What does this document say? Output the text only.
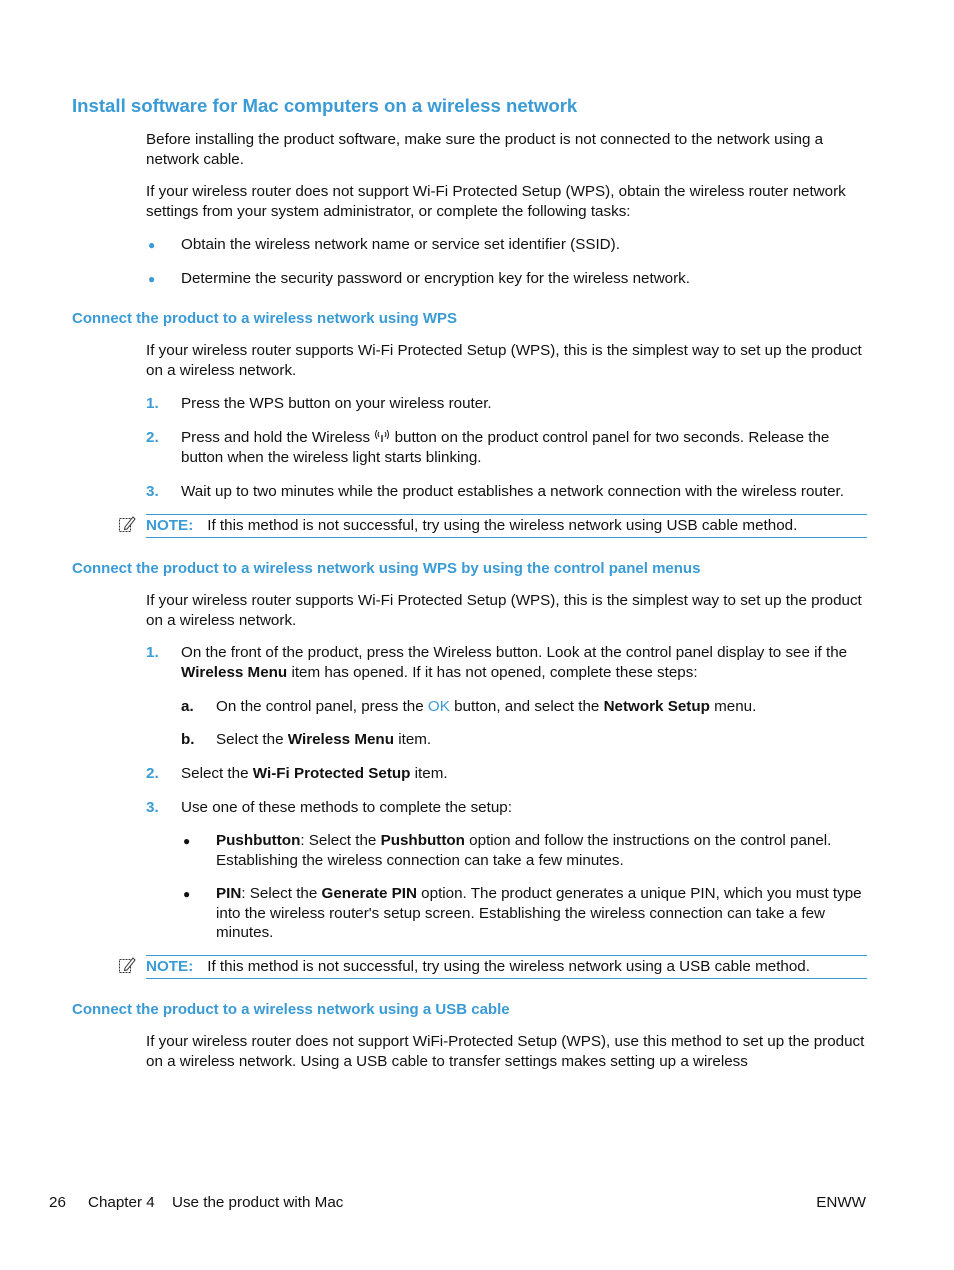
Install software for Mac computers on a wireless network
Before installing the product software, make sure the product is not connected to the network using a network cable.
If your wireless router does not support Wi-Fi Protected Setup (WPS), obtain the wireless router network settings from your system administrator, or complete the following tasks:
● Obtain the wireless network name or service set identifier (SSID).
● Determine the security password or encryption key for the wireless network.
Connect the product to a wireless network using WPS
If your wireless router supports Wi-Fi Protected Setup (WPS), this is the simplest way to set up the product on a wireless network.
1. Press the WPS button on your wireless router.
2. Press and hold the Wireless button on the product control panel for two seconds. Release the button when the wireless light starts blinking.
3. Wait up to two minutes while the product establishes a network connection with the wireless router.
NOTE: If this method is not successful, try using the wireless network using USB cable method.
Connect the product to a wireless network using WPS by using the control panel menus
If your wireless router supports Wi-Fi Protected Setup (WPS), this is the simplest way to set up the product on a wireless network.
1. On the front of the product, press the Wireless button. Look at the control panel display to see if the Wireless Menu item has opened. If it has not opened, complete these steps:
a. On the control panel, press the OK button, and select the Network Setup menu.
b. Select the Wireless Menu item.
2. Select the Wi-Fi Protected Setup item.
3. Use one of these methods to complete the setup:
● Pushbutton: Select the Pushbutton option and follow the instructions on the control panel. Establishing the wireless connection can take a few minutes.
● PIN: Select the Generate PIN option. The product generates a unique PIN, which you must type into the wireless router's setup screen. Establishing the wireless connection can take a few minutes.
NOTE: If this method is not successful, try using the wireless network using a USB cable method.
Connect the product to a wireless network using a USB cable
If your wireless router does not support WiFi-Protected Setup (WPS), use this method to set up the product on a wireless network. Using a USB cable to transfer settings makes setting up a wireless
26 Chapter 4 Use the product with Mac	ENWW
